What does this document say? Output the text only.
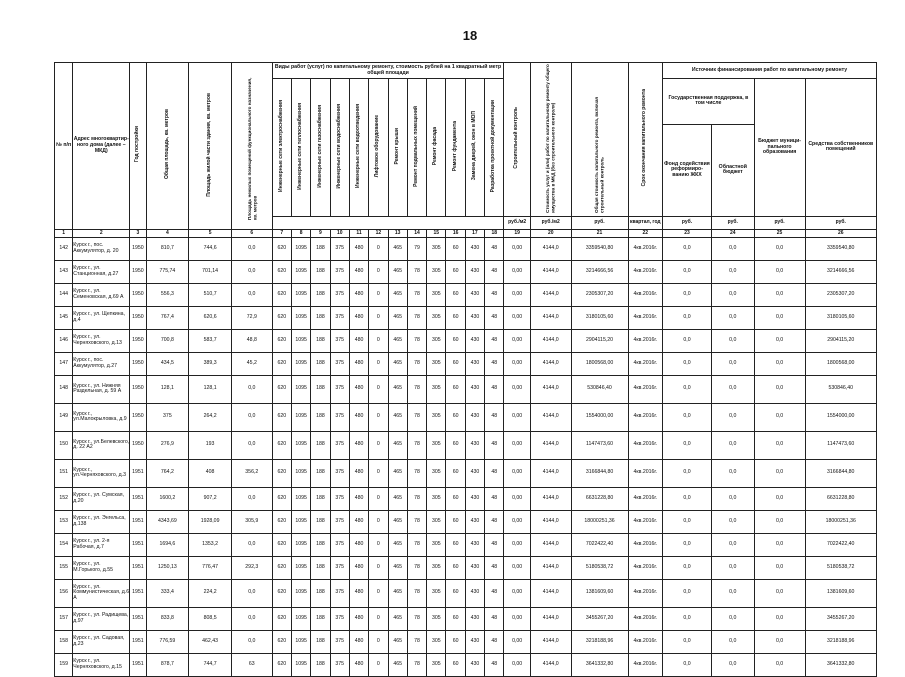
18
№ п/п	Адрес многоквартир- ного дома (далее – МКД)	Год постройки	Общая площадь, кв. метров	Площадь жилой части здания, кв. метров	Площадь нежилых помещений функционального назначения, кв. метров	Виды работ (услуг) по капитальному ремонту, стоимость рублей на 1 квадратный метр общей площади												Строительный контроль	Стоимость услуг и (или) работ по капитальному ремонту общего имущества в МКД (без строительного контроля)	Общая стоимость капитального ремонта, включая строительный контроль	Срок окончания капитального ремонта	Источник финансирования работ по капитальному ремонту			
						Инженерные сети электроснабжения	Инженерные сети теплоснабжения	Инженерные сети газоснабжения	Инженерные сети водоснабжения	Инженерные сети водоотведения	Лифтовое оборудование	Ремонт крыши	Ремонт подвальных помещений	Ремонт фасада	Ремонт фундамента	Замена дверей, окон в МОП	Разработка проектной документации					Государственная поддержка, в том числе		Бюджет муници- пального образования	Средства собственников помещений
																						Фонд содействия реформиро- ванию ЖКХ	Областной бюджет		
																		руб./м2	руб./м2	руб.	квартал, год	руб.	руб.	руб.	руб.
1	2	3	4	5	6	7	8	9	10	11	12	13	14	15	16	17	18	19	20	21	22	23	24	25	26
142	Курск г., пос. Аккумулятор, д. 20	1950	810,7	744,6	0,0	620	1095	188	375	480	0	465	79	305	60	430	48	0,00	4144,0	3359540,80	4кв.2016г.	0,0	0,0	0,0	3359540,80
143	Курск г., ул. Станционная, д.27	1950	775,74	701,14	0,0	620	1095	188	375	480	0	465	78	305	60	430	48	0,00	4144,0	3214666,56	4кв.2016г.	0,0	0,0	0,0	3214666,56
144	Курск г., ул. Семеновская, д.69 А	1950	556,3	510,7	0,0	620	1095	188	375	480	0	465	78	305	60	430	48	0,00	4144,0	2305307,20	4кв.2016г.	0,0	0,0	0,0	2305307,20
145	Курск г., ул. Щепкина, д.4	1950	767,4	620,6	72,9	620	1095	188	375	480	0	465	78	305	60	430	48	0,00	4144,0	3180105,60	4кв.2016г.	0,0	0,0	0,0	3180105,60
146	Курск г., ул. Черняховского, д.13	1950	700,8	583,7	48,8	620	1095	188	375	480	0	465	78	305	60	430	48	0,00	4144,0	2904115,20	4кв.2016г.	0,0	0,0	0,0	2904115,20
147	Курск г., пос. Аккумулятор, д.27	1950	434,5	389,3	45,2	620	1095	188	375	480	0	465	78	305	60	430	48	0,00	4144,0	1800568,00	4кв.2016г.	0,0	0,0	0,0	1800568,00
148	Курск г., ул. Нижняя Раздельная, д. 59 А	1950	128,1	128,1	0,0	620	1095	188	375	480	0	465	78	305	60	430	48	0,00	4144,0	530846,40	4кв.2016г.	0,0	0,0	0,0	530846,40
149	Курск г., ул.Малокрыловка, д.9	1950	375	264,2	0,0	620	1095	188	375	480	0	465	78	305	60	430	48	0,00	4144,0	1554000,00	4кв.2016г.	0,0	0,0	0,0	1554000,00
150	Курск г., ул.Белевского, д. 22 А2	1950	276,9	193	0,0	620	1095	188	375	480	0	465	78	305	60	430	48	0,00	4144,0	1147473,60	4кв.2016г.	0,0	0,0	0,0	1147473,60
151	Курск г., ул.Черняховского, д.3	1951	764,2	408	356,2	620	1095	188	375	480	0	465	78	305	60	430	48	0,00	4144,0	3166844,80	4кв.2016г.	0,0	0,0	0,0	3166844,80
152	Курск г., ул. Сумская, д.20	1951	1600,2	907,2	0,0	620	1095	188	375	480	0	465	78	305	60	430	48	0,00	4144,0	6631228,80	4кв.2016г.	0,0	0,0	0,0	6631228,80
153	Курск г., ул. Энгельса, д.138	1951	4343,69	1928,09	305,9	620	1095	188	375	480	0	465	78	305	60	430	48	0,00	4144,0	18000251,36	4кв.2016г.	0,0	0,0	0,0	18000251,36
154	Курск г., ул. 2-я Рабочая, д.7	1951	1694,6	1353,2	0,0	620	1095	188	375	480	0	465	78	305	60	430	48	0,00	4144,0	7022422,40	4кв.2016г.	0,0	0,0	0,0	7022422,40
155	Курск г., ул. М.Горького, д.55	1951	1250,13	776,47	292,3	620	1095	188	375	480	0	465	78	305	60	430	48	0,00	4144,0	5180538,72	4кв.2016г.	0,0	0,0	0,0	5180538,72
156	Курск г., ул. Коммунистическая, д.6 А	1951	333,4	224,2	0,0	620	1095	188	375	480	0	465	78	305	60	430	48	0,00	4144,0	1381609,60	4кв.2016г.	0,0	0,0	0,0	1381609,60
157	Курск г., ул. Радищева, д.97	1951	833,8	808,5	0,0	620	1095	188	375	480	0	465	78	305	60	430	48	0,00	4144,0	3455267,20	4кв.2016г.	0,0	0,0	0,0	3455267,20
158	Курск г., ул. Садовая, д.23	1951	776,59	462,43	0,0	620	1095	188	375	480	0	465	78	305	60	430	48	0,00	4144,0	3218188,96	4кв.2016г.	0,0	0,0	0,0	3218188,96
159	Курск г., ул. Черняховского, д.15	1951	878,7	744,7	63	620	1095	188	375	480	0	465	78	305	60	430	48	0,00	4144,0	3641332,80	4кв.2016г.	0,0	0,0	0,0	3641332,80
